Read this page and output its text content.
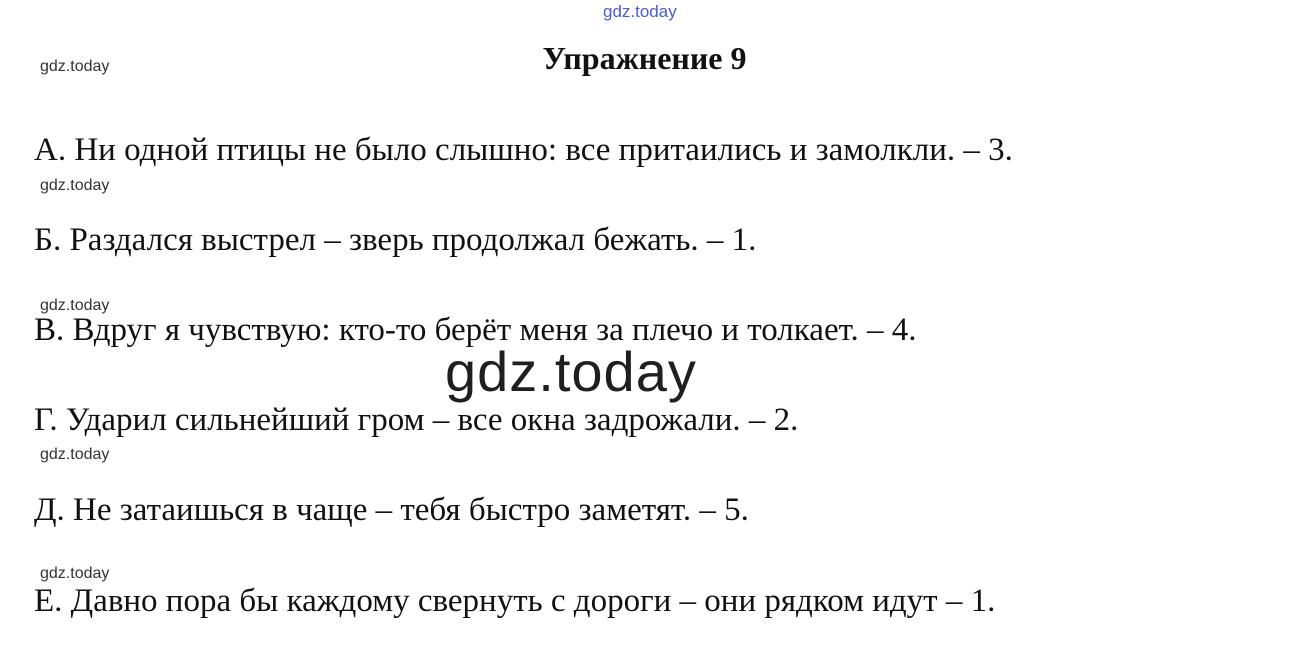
gdz.today
gdz.today
gdz.today
gdz.today
gdz.today
gdz.today
Упражнение 9
А. Ни одной птицы не было слышно: все притаились и замолкли. – 3.
Б. Раздался выстрел – зверь продолжал бежать. – 1.
В. Вдруг я чувствую: кто-то берёт меня за плечо и толкает. – 4.
Г. Ударил сильнейший гром – все окна задрожали. – 2.
Д. Не затаишься в чаще – тебя быстро заметят. – 5.
Е. Давно пора бы каждому свернуть с дороги – они рядком идут – 1.
gdz.today
